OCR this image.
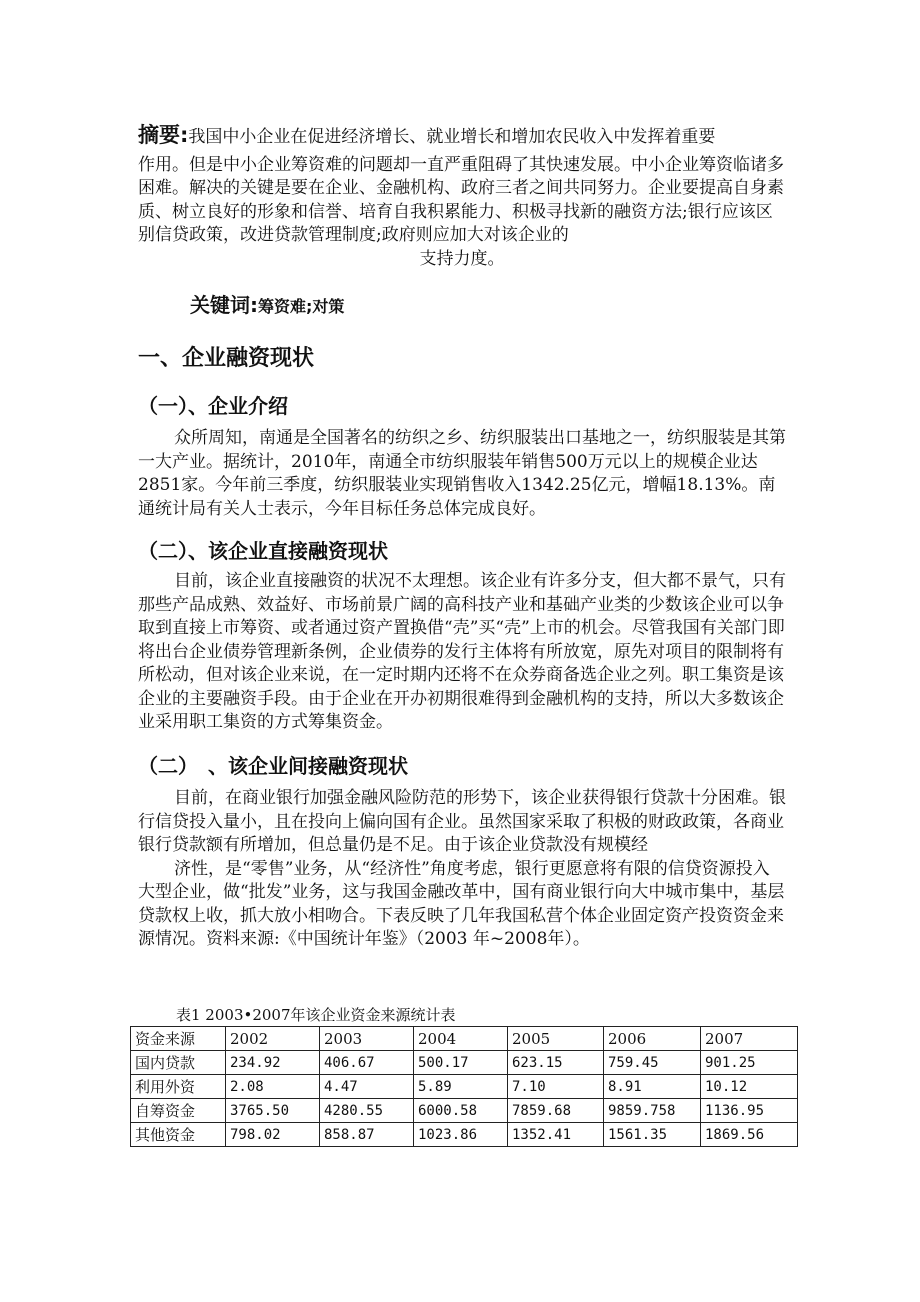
摘要:我国中小企业在促进经济增长、就业增长和增加农民收入中发挥着重要

作用。但是中小企业筹资难的问题却一直严重阻碍了其快速发展。中小企业筹资临诸多困难。解决的关键是要在企业、金融机构、政府三者之间共同努力。企业要提高自身素质、树立良好的形象和信誉、培育自我积累能力、积极寻找新的融资方法;银行应该区别信贷政策，改进贷款管理制度;政府则应加大对该企业的

支持力度。

关键词:筹资难;对策
一、企业融资现状
（一）、企业介绍

众所周知，南通是全国著名的纺织之乡、纺织服装出口基地之一，纺织服装是其第一大产业。据统计，2010年，南通全市纺织服装年销售500万元以上的规模企业达2851家。今年前三季度，纺织服装业实现销售收入1342.25亿元，增幅18.13%。南通统计局有关人士表示，今年目标任务总体完成良好。

（二）、该企业直接融资现状

目前，该企业直接融资的状况不太理想。该企业有许多分支，但大都不景气，只有那些产品成熟、效益好、市场前景广阔的高科技产业和基础产业类的少数该企业可以争取到直接上市筹资、或者通过资产置换借“壳”买“壳”上市的机会。尽管我国有关部门即将出台企业债券管理新条例，企业债券的发行主体将有所放宽，原先对项目的限制将有所松动，但对该企业来说，在一定时期内还将不在众券商备选企业之列。职工集资是该企业的主要融资手段。由于企业在开办初期很难得到金融机构的支持，所以大多数该企业采用职工集资的方式筹集资金。

（二）　、该企业间接融资现状

目前，在商业银行加强金融风险防范的形势下，该企业获得银行贷款十分困难。银行信贷投入量小，且在投向上偏向国有企业。虽然国家采取了积极的财政政策，各商业银行贷款额有所增加，但总量仍是不足。由于该企业贷款没有规模经

济性，是“零售”业务，从“经济性”角度考虑，银行更愿意将有限的信贷资源投入大型企业，做“批发”业务，这与我国金融改革中，国有商业银行向大中城市集中，基层贷款权上收，抓大放小相吻合。下表反映了几年我国私营个体企业固定资产投资资金来源情况。资料来源:《中国统计年鉴》（2003 年~2008年）。

表1 2003•2007年该企业资金来源统计表
资金来源	2002	2003	2004	2005	2006	2007
国内贷款	234.92	406.67	500.17	623.15	759.45	901.25
利用外资	2.08	4.47	5.89	7.10	8.91	10.12
自筹资金	3765.50	4280.55	6000.58	7859.68	9859.758	1136.95
其他资金	798.02	858.87	1023.86	1352.41	1561.35	1869.56
